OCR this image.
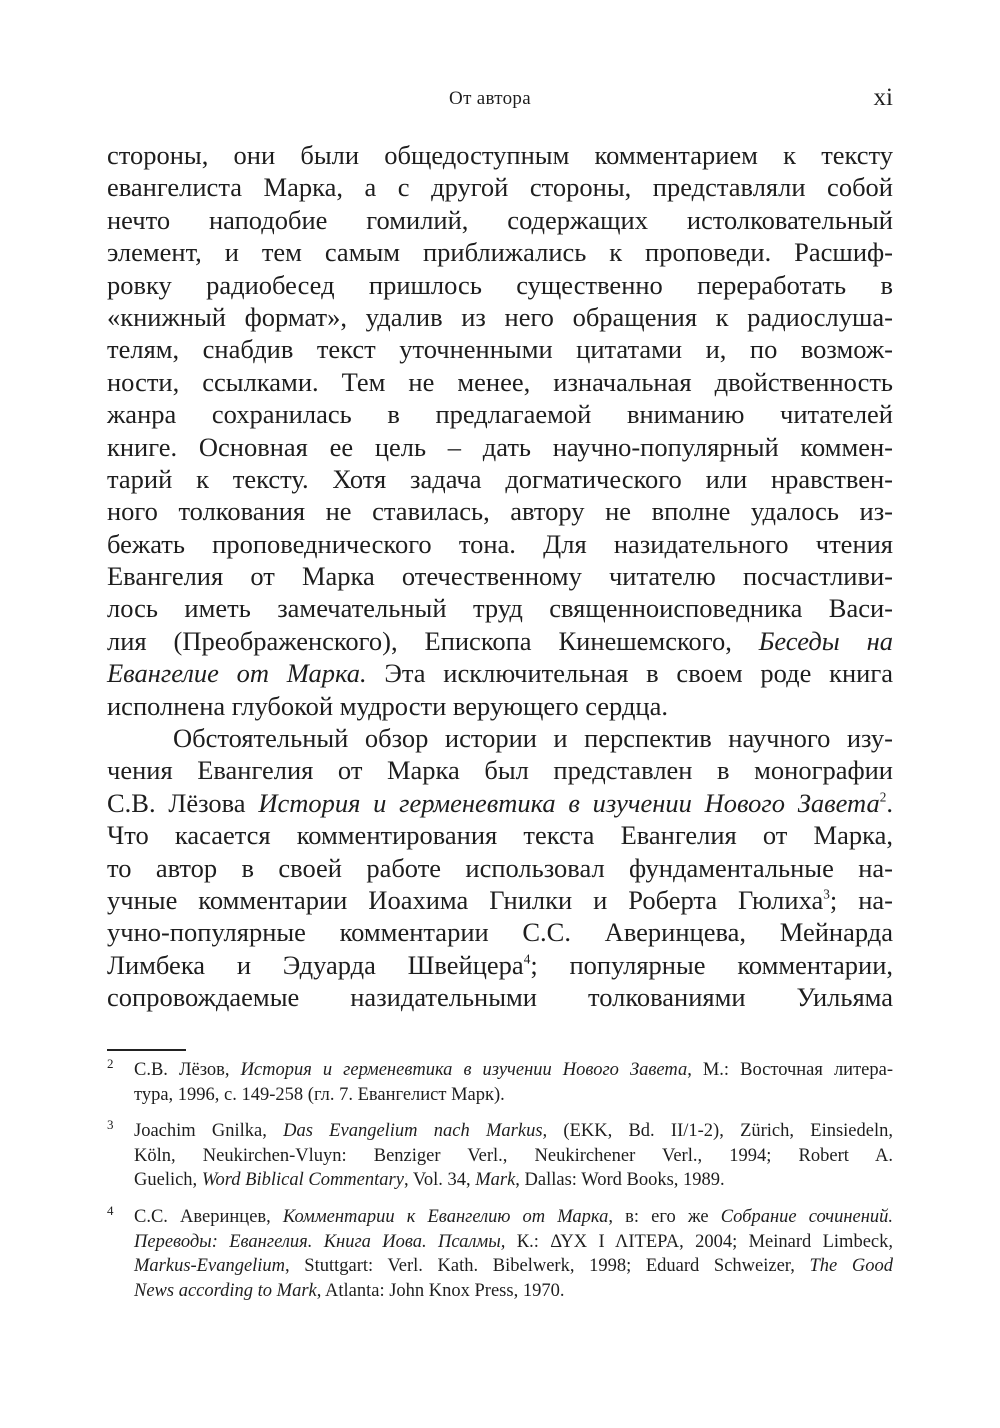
От автора	xi
стороны, они были общедоступным комментарием к тексту
евангелиста Марка, а с другой стороны, представляли собой
нечто наподобие гомилий, содержащих истолковательный
элемент, и тем самым приближались к проповеди. Расшиф-
ровку радиобесед пришлось существенно переработать в
«книжный формат», удалив из него обращения к радиослуша-
телям, снабдив текст уточненными цитатами и, по возмож-
ности, ссылками. Тем не менее, изначальная двойственность
жанра сохранилась в предлагаемой вниманию читателей
книге. Основная ее цель – дать научно-популярный коммен-
тарий к тексту. Хотя задача догматического или нравствен-
ного толкования не ставилась, автору не вполне удалось из-
бежать проповеднического тона. Для назидательного чтения
Евангелия от Марка отечественному читателю посчастливи-
лось иметь замечательный труд священноисповедника Васи-
лия (Преображенского), Епископа Кинешемского, Беседы на
Евангелие от Марка. Эта исключительная в своем роде книга
исполнена глубокой мудрости верующего сердца.
Обстоятельный обзор истории и перспектив научного изу-
чения Евангелия от Марка был представлен в монографии
С.В. Лёзова История и герменевтика в изучении Нового Завета$^2$.
Что касается комментирования текста Евангелия от Марка,
то автор в своей работе использовал фундаментальные на-
учные комментарии Иоахима Гнилки и Роберта Гюлиха$^3$; на-
учно-популярные комментарии С.С. Аверинцева, Мейнарда
Лимбека и Эдуарда Швейцера$^4$; популярные комментарии,
сопровождаемые назидательными толкованиями Уильяма
2 С.В. Лёзов, История и герменевтика в изучении Нового Завета, М.: Восточная литера-
тура, 1996, с. 149-258 (гл. 7. Евангелист Марк).
3 Joachim Gnilka, Das Evangelium nach Markus, (EKK, Bd. II/1-2), Zürich, Einsiedeln,
Köln, Neukirchen-Vluyn: Benziger Verl., Neukirchener Verl., 1994; Robert A.
Guelich, Word Biblical Commentary, Vol. 34, Mark, Dallas: Word Books, 1989.
4 С.С. Аверинцев, Комментарии к Евангелию от Марка, в: его же Собрание сочинений.
Переводы: Евангелия. Книга Иова. Псалмы, К.: ΔΥΧ Ι ΛΙΤΕΡΑ, 2004; Meinard Limbeck,
Markus-Evangelium, Stuttgart: Verl. Kath. Bibelwerk, 1998; Eduard Schweizer, The Good
News according to Mark, Atlanta: John Knox Press, 1970.
